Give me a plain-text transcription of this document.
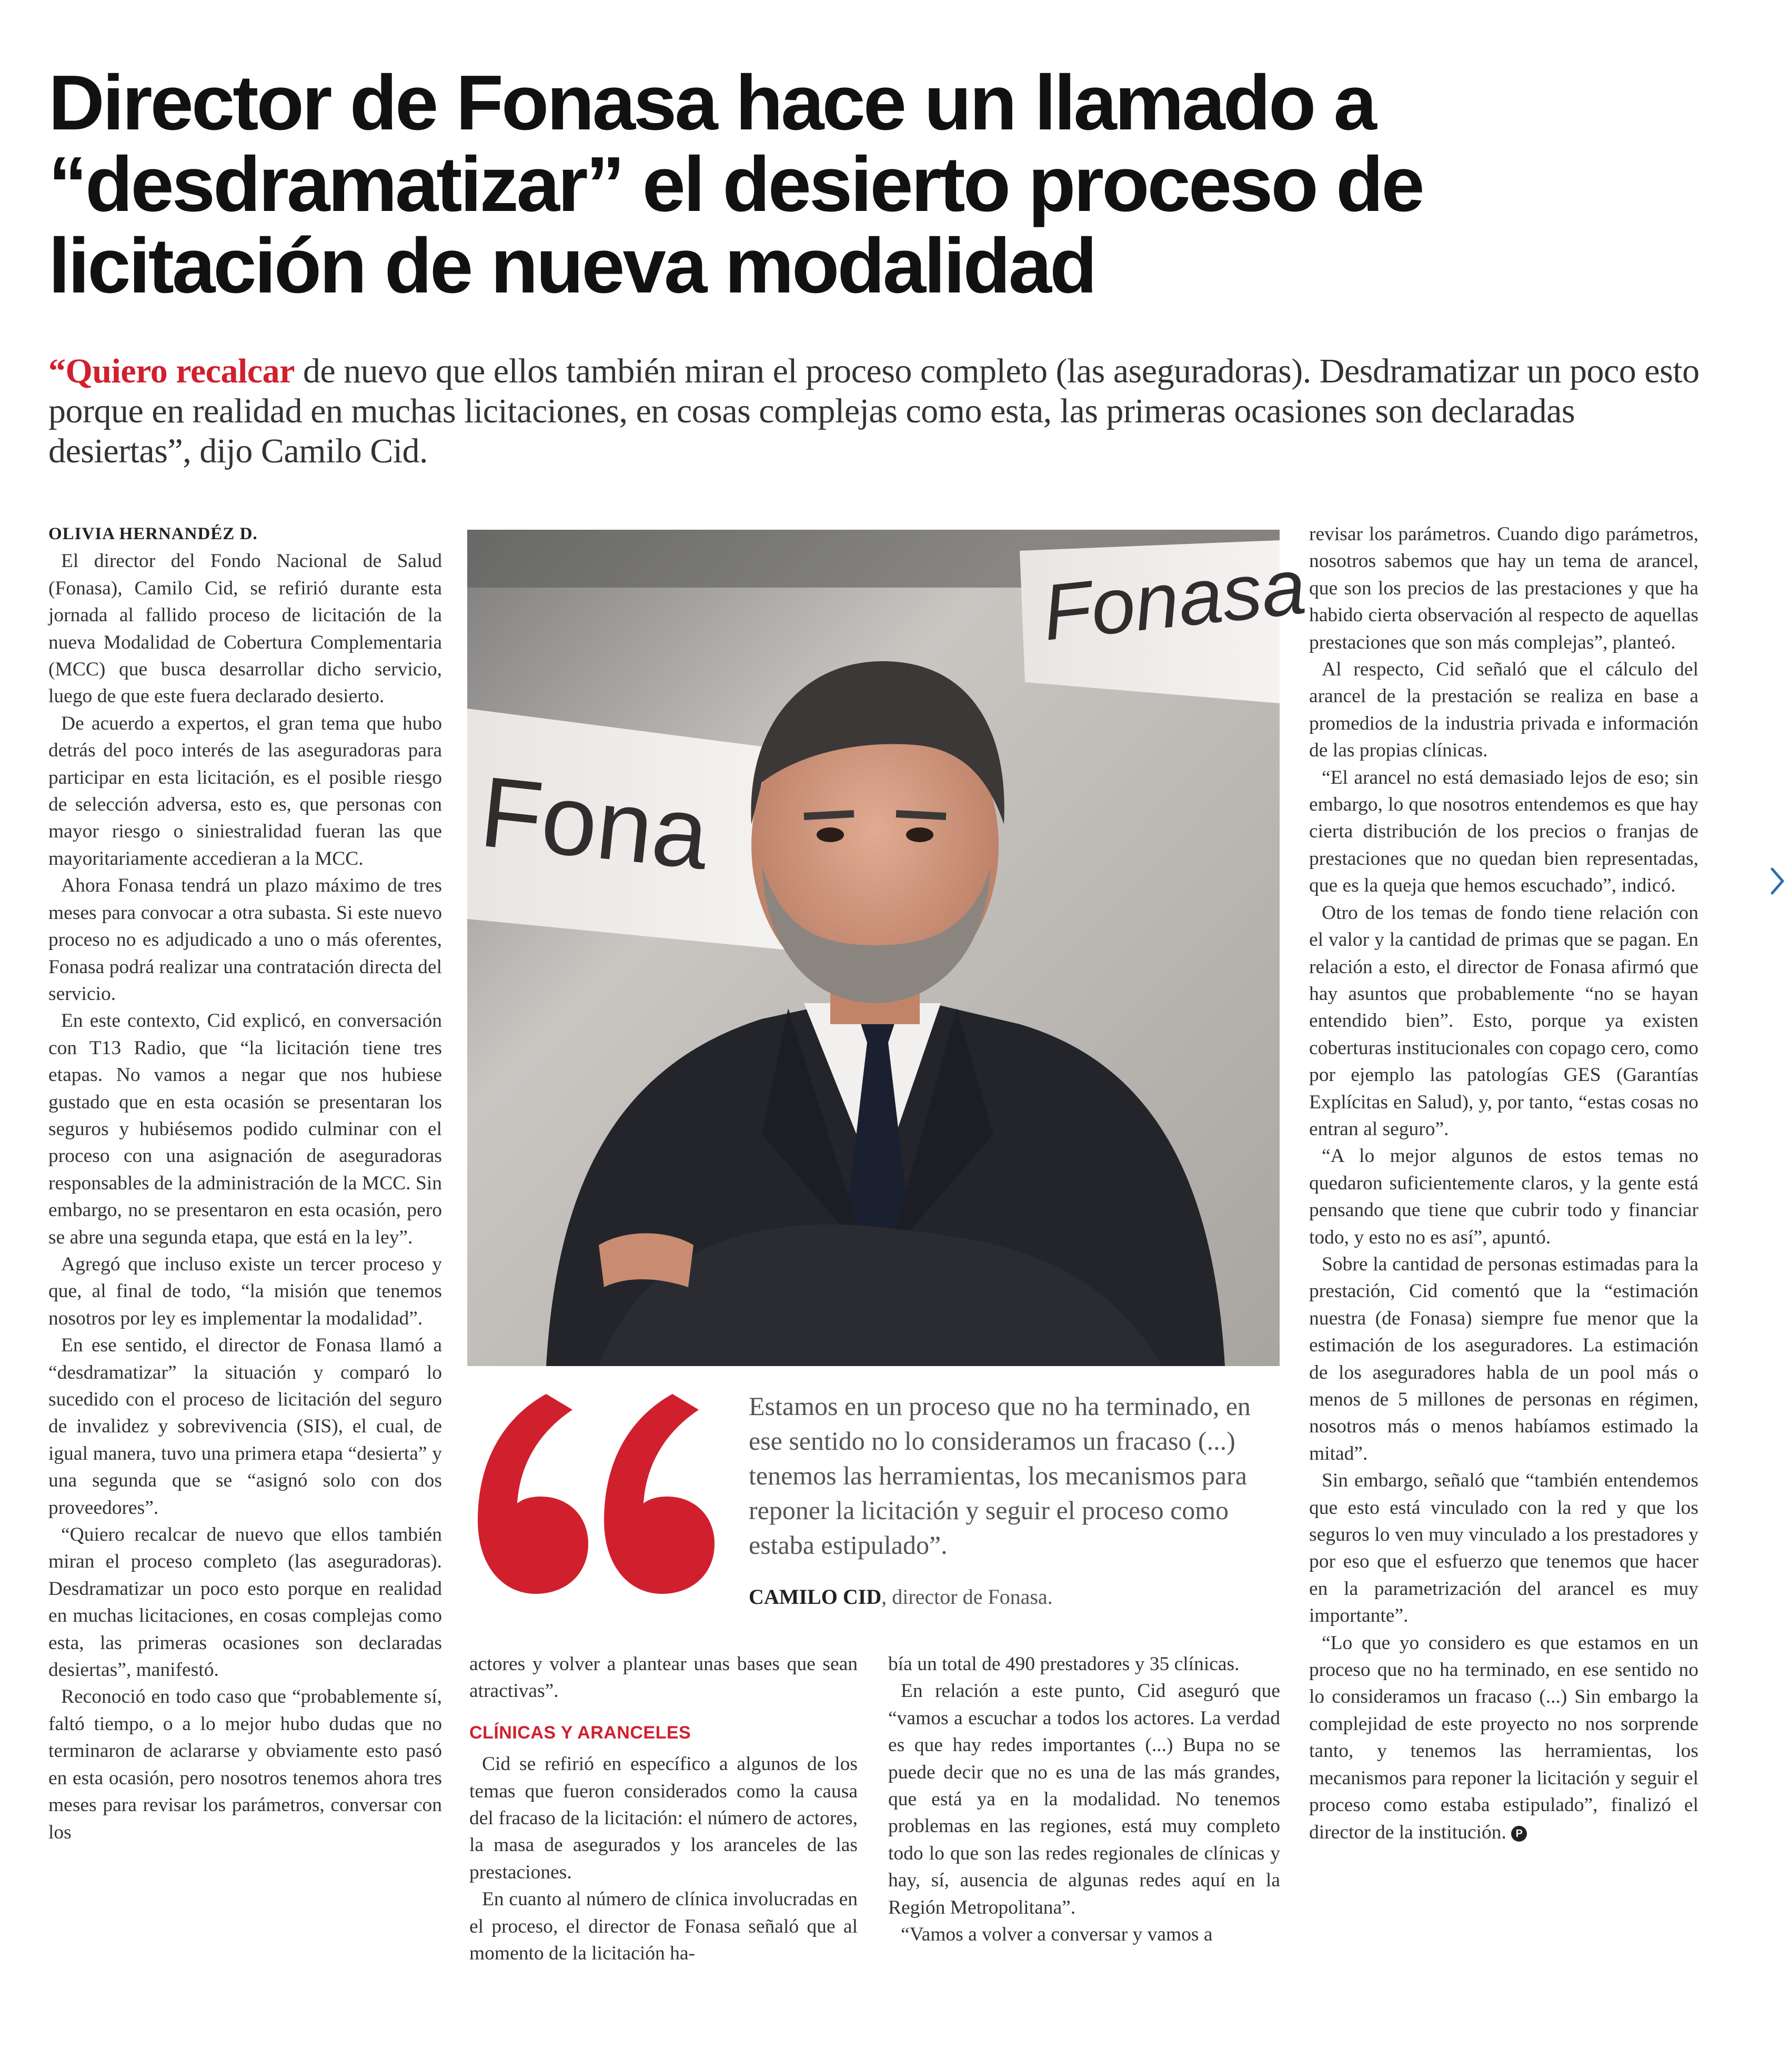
Director de Fonasa hace un llamado a
“desdramatizar” el desierto proceso de
licitación de nueva modalidad
“Quiero recalcar de nuevo que ellos también miran el proceso completo (las aseguradoras). Desdramatizar un poco esto porque en realidad en muchas licitaciones, en cosas complejas como esta, las primeras ocasiones son declaradas desiertas”, dijo Camilo Cid.

OLIVIA HERNANDÉZ D.

El director del Fondo Nacional de Salud (Fonasa), Camilo Cid, se refirió durante esta jornada al fallido proceso de licitación de la nueva Modalidad de Cobertura Complementaria (MCC) que busca desarrollar dicho servicio, luego de que este fuera declarado desierto.

De acuerdo a expertos, el gran tema que hubo detrás del poco interés de las aseguradoras para participar en esta licitación, es el posible riesgo de selección adversa, esto es, que personas con mayor riesgo o siniestralidad fueran las que mayoritariamente accedieran a la MCC.

Ahora Fonasa tendrá un plazo máximo de tres meses para convocar a otra subasta. Si este nuevo proceso no es adjudicado a uno o más oferentes, Fonasa podrá realizar una contratación directa del servicio.

En este contexto, Cid explicó, en conversación con T13 Radio, que “la licitación tiene tres etapas. No vamos a negar que nos hubiese gustado que en esta ocasión se presentaran los seguros y hubiésemos podido culminar con el proceso con una asignación de aseguradoras responsables de la administración de la MCC. Sin embargo, no se presentaron en esta ocasión, pero se abre una segunda etapa, que está en la ley”.

Agregó que incluso existe un tercer proceso y que, al final de todo, “la misión que tenemos nosotros por ley es implementar la modalidad”.

En ese sentido, el director de Fonasa llamó a “desdramatizar” la situación y comparó lo sucedido con el proceso de licitación del seguro de invalidez y sobrevivencia (SIS), el cual, de igual manera, tuvo una primera etapa “desierta” y una segunda que se “asignó solo con dos proveedores”.

“Quiero recalcar de nuevo que ellos también miran el proceso completo (las aseguradoras). Desdramatizar un poco esto porque en realidad en muchas licitaciones, en cosas complejas como esta, las primeras ocasiones son declaradas desiertas”, manifestó.

Reconoció en todo caso que “probablemente sí, faltó tiempo, o a lo mejor hubo dudas que no terminaron de aclararse y obviamente esto pasó en esta ocasión, pero nosotros tenemos ahora tres meses para revisar los parámetros, conversar con los

Fonasa
Fona
Estamos en un proceso que no ha terminado, en ese sentido no lo consideramos un fracaso (...) tenemos las herramientas, los mecanismos para reponer la licitación y seguir el proceso como estaba estipulado”.
CAMILO CID, director de Fonasa.

actores y volver a plantear unas bases que sean atractivas”.

CLÍNICAS Y ARANCELES

Cid se refirió en específico a algunos de los temas que fueron considerados como la causa del fracaso de la licitación: el número de actores, la masa de asegurados y los aranceles de las prestaciones.

En cuanto al número de clínica involucradas en el proceso, el director de Fonasa señaló que al momento de la licitación ha-

bía un total de 490 prestadores y 35 clínicas.

En relación a este punto, Cid aseguró que “vamos a escuchar a todos los actores. La verdad es que hay redes importantes (...) Bupa no se puede decir que no es una de las más grandes, que está ya en la modalidad. No tenemos problemas en las regiones, está muy completo todo lo que son las redes regionales de clínicas y hay, sí, ausencia de algunas redes aquí en la Región Metropolitana”.

“Vamos a volver a conversar y vamos a

revisar los parámetros. Cuando digo parámetros, nosotros sabemos que hay un tema de arancel, que son los precios de las prestaciones y que ha habido cierta observación al respecto de aquellas prestaciones que son más complejas”, planteó.

Al respecto, Cid señaló que el cálculo del arancel de la prestación se realiza en base a promedios de la industria privada e información de las propias clínicas.

“El arancel no está demasiado lejos de eso; sin embargo, lo que nosotros entendemos es que hay cierta distribución de los precios o franjas de prestaciones que no quedan bien representadas, que es la queja que hemos escuchado”, indicó.

Otro de los temas de fondo tiene relación con el valor y la cantidad de primas que se pagan. En relación a esto, el director de Fonasa afirmó que hay asuntos que probablemente “no se hayan entendido bien”. Esto, porque ya existen coberturas institucionales con copago cero, como por ejemplo las patologías GES (Garantías Explícitas en Salud), y, por tanto, “estas cosas no entran al seguro”.

“A lo mejor algunos de estos temas no quedaron suficientemente claros, y la gente está pensando que tiene que cubrir todo y financiar todo, y esto no es así”, apuntó.

Sobre la cantidad de personas estimadas para la prestación, Cid comentó que la “estimación nuestra (de Fonasa) siempre fue menor que la estimación de los aseguradores. La estimación de los aseguradores habla de un pool más o menos de 5 millones de personas en régimen, nosotros más o menos habíamos estimado la mitad”.

Sin embargo, señaló que “también entendemos que esto está vinculado con la red y que los seguros lo ven muy vinculado a los prestadores y por eso que el esfuerzo que tenemos que hacer en la parametrización del arancel es muy importante”.

“Lo que yo considero es que estamos en un proceso que no ha terminado, en ese sentido no lo consideramos un fracaso (...) Sin embargo la complejidad de este proyecto no nos sorprende tanto, y tenemos las herramientas, los mecanismos para reponer la licitación y seguir el proceso como estaba estipulado”, finalizó el director de la institución. P
